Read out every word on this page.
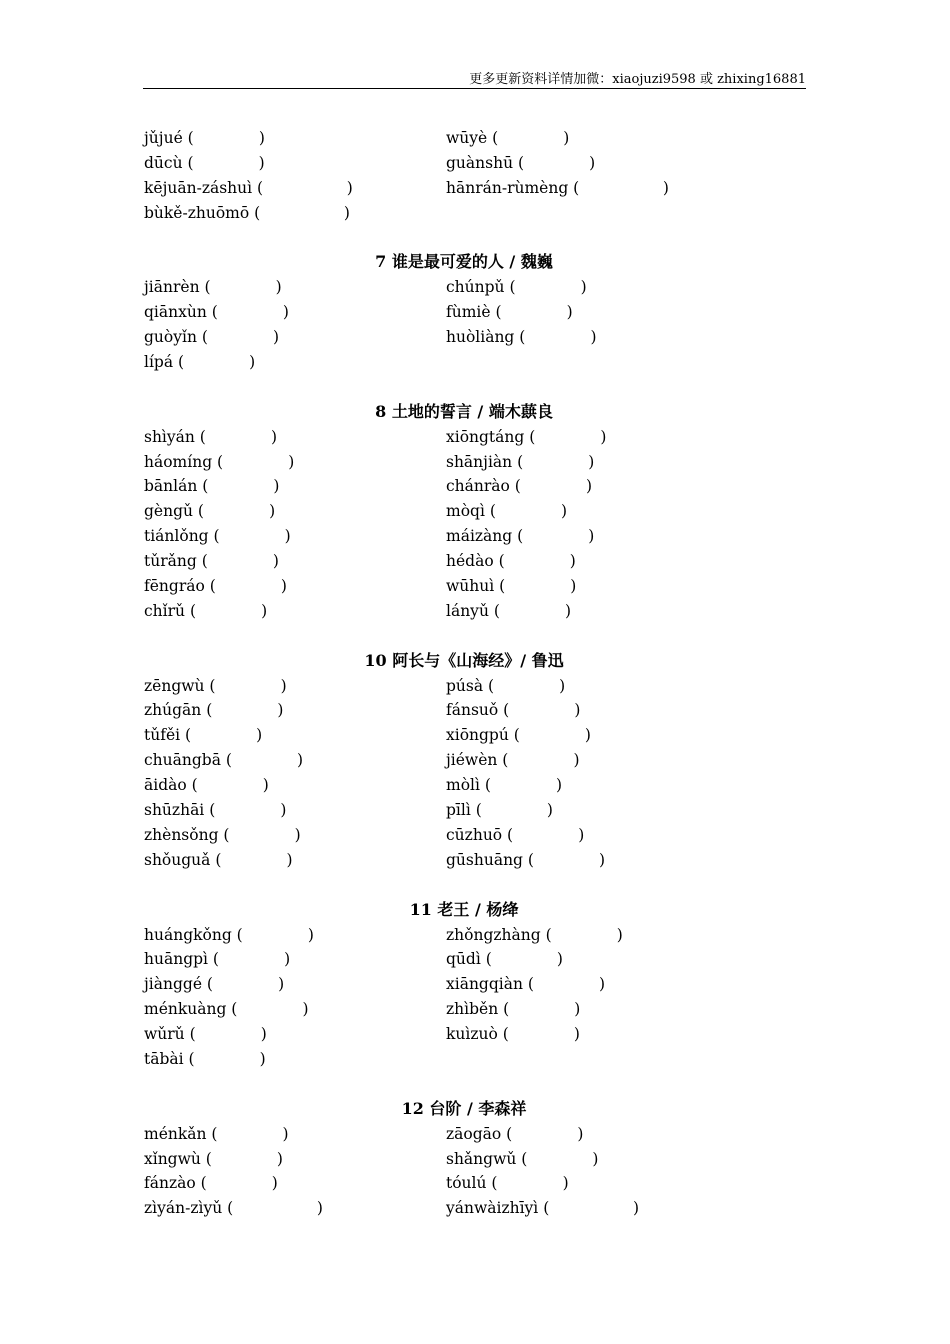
更多更新资料详情加微：xiaojuzi9598 或 zhixing16881
jǔjué (	)	wūyè (	)
dūcù (	)	guànshū (	)
kējuān-záshuì (	)	hānrán-rùmèng (	)
bùkě-zhuōmō (	)
7 谁是最可爱的人 / 魏巍
jiānrèn (	)	chúnpǔ (	)
qiānxùn (	)	fùmiè (	)
guòyǐn (	)	huòliàng (	)
lípá (	)
8 土地的誓言 / 端木蕻良
shìyán (	)	xiōngtáng (	)
háomíng (	)	shānjiàn (	)
bānlán (	)	chánrào (	)
gèngǔ (	)	mòqì (	)
tiánlǒng (	)	máizàng (	)
tǔrǎng (	)	hédào (	)
fēngráo (	)	wūhuì (	)
chǐrǔ (	)	lányǔ (	)
10 阿长与《山海经》/ 鲁迅
zēngwù (	)	púsà (	)
zhúgān (	)	fánsuǒ (	)
tǔfěi (	)	xiōngpú (	)
chuāngbā (	)	jiéwèn (	)
āidào (	)	mòlì (	)
shūzhāi (	)	pīlì (	)
zhènsǒng (	)	cūzhuō (	)
shǒuguǎ (	)	gūshuāng (	)
11 老王 / 杨绛
huángkǒng (	)	zhǒngzhàng (	)
huāngpì (	)	qūdì (	)
jiànggé (	)	xiāngqiàn (	)
ménkuàng (	)	zhìběn (	)
wǔrǔ (	)	kuìzuò (	)
tābài (	)
12 台阶 / 李森祥
ménkǎn (	)	zāogāo (	)
xǐngwù (	)	shǎngwǔ (	)
fánzào (	)	tóulú (	)
zìyán-zìyǔ (	)	yánwàizhīyì (	)
